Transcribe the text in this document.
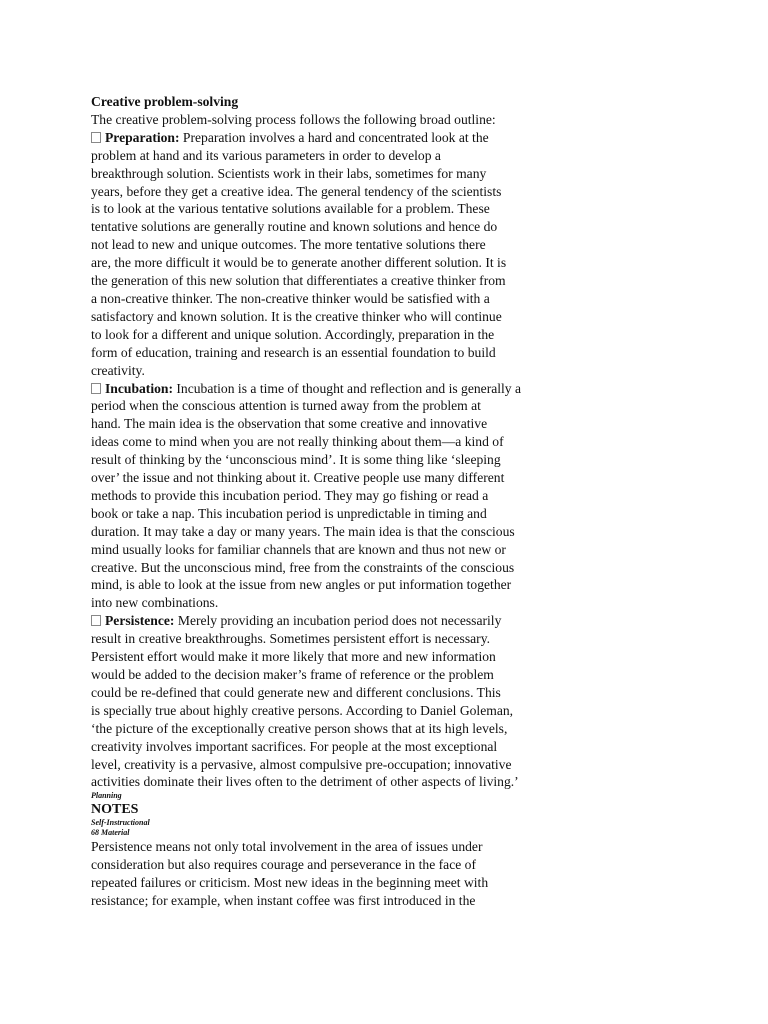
Creative problem-solving
The creative problem-solving process follows the following broad outline:
Preparation: Preparation involves a hard and concentrated look at the
problem at hand and its various parameters in order to develop a
breakthrough solution. Scientists work in their labs, sometimes for many
years, before they get a creative idea. The general tendency of the scientists
is to look at the various tentative solutions available for a problem. These
tentative solutions are generally routine and known solutions and hence do
not lead to new and unique outcomes. The more tentative solutions there
are, the more difficult it would be to generate another different solution. It is
the generation of this new solution that differentiates a creative thinker from
a non-creative thinker. The non-creative thinker would be satisfied with a
satisfactory and known solution. It is the creative thinker who will continue
to look for a different and unique solution. Accordingly, preparation in the
form of education, training and research is an essential foundation to build
creativity.
Incubation: Incubation is a time of thought and reflection and is generally a
period when the conscious attention is turned away from the problem at
hand. The main idea is the observation that some creative and innovative
ideas come to mind when you are not really thinking about them—a kind of
result of thinking by the ‘unconscious mind’. It is some thing like ‘sleeping
over’ the issue and not thinking about it. Creative people use many different
methods to provide this incubation period. They may go fishing or read a
book or take a nap. This incubation period is unpredictable in timing and
duration. It may take a day or many years. The main idea is that the conscious
mind usually looks for familiar channels that are known and thus not new or
creative. But the unconscious mind, free from the constraints of the conscious
mind, is able to look at the issue from new angles or put information together
into new combinations.
Persistence: Merely providing an incubation period does not necessarily
result in creative breakthroughs. Sometimes persistent effort is necessary.
Persistent effort would make it more likely that more and new information
would be added to the decision maker’s frame of reference or the problem
could be re-defined that could generate new and different conclusions. This
is specially true about highly creative persons. According to Daniel Goleman,
‘the picture of the exceptionally creative person shows that at its high levels,
creativity involves important sacrifices. For people at the most exceptional
level, creativity is a pervasive, almost compulsive pre-occupation; innovative
activities dominate their lives often to the detriment of other aspects of living.’
Planning
NOTES
Self-Instructional
68 Material
Persistence means not only total involvement in the area of issues under
consideration but also requires courage and perseverance in the face of
repeated failures or criticism. Most new ideas in the beginning meet with
resistance; for example, when instant coffee was first introduced in the
